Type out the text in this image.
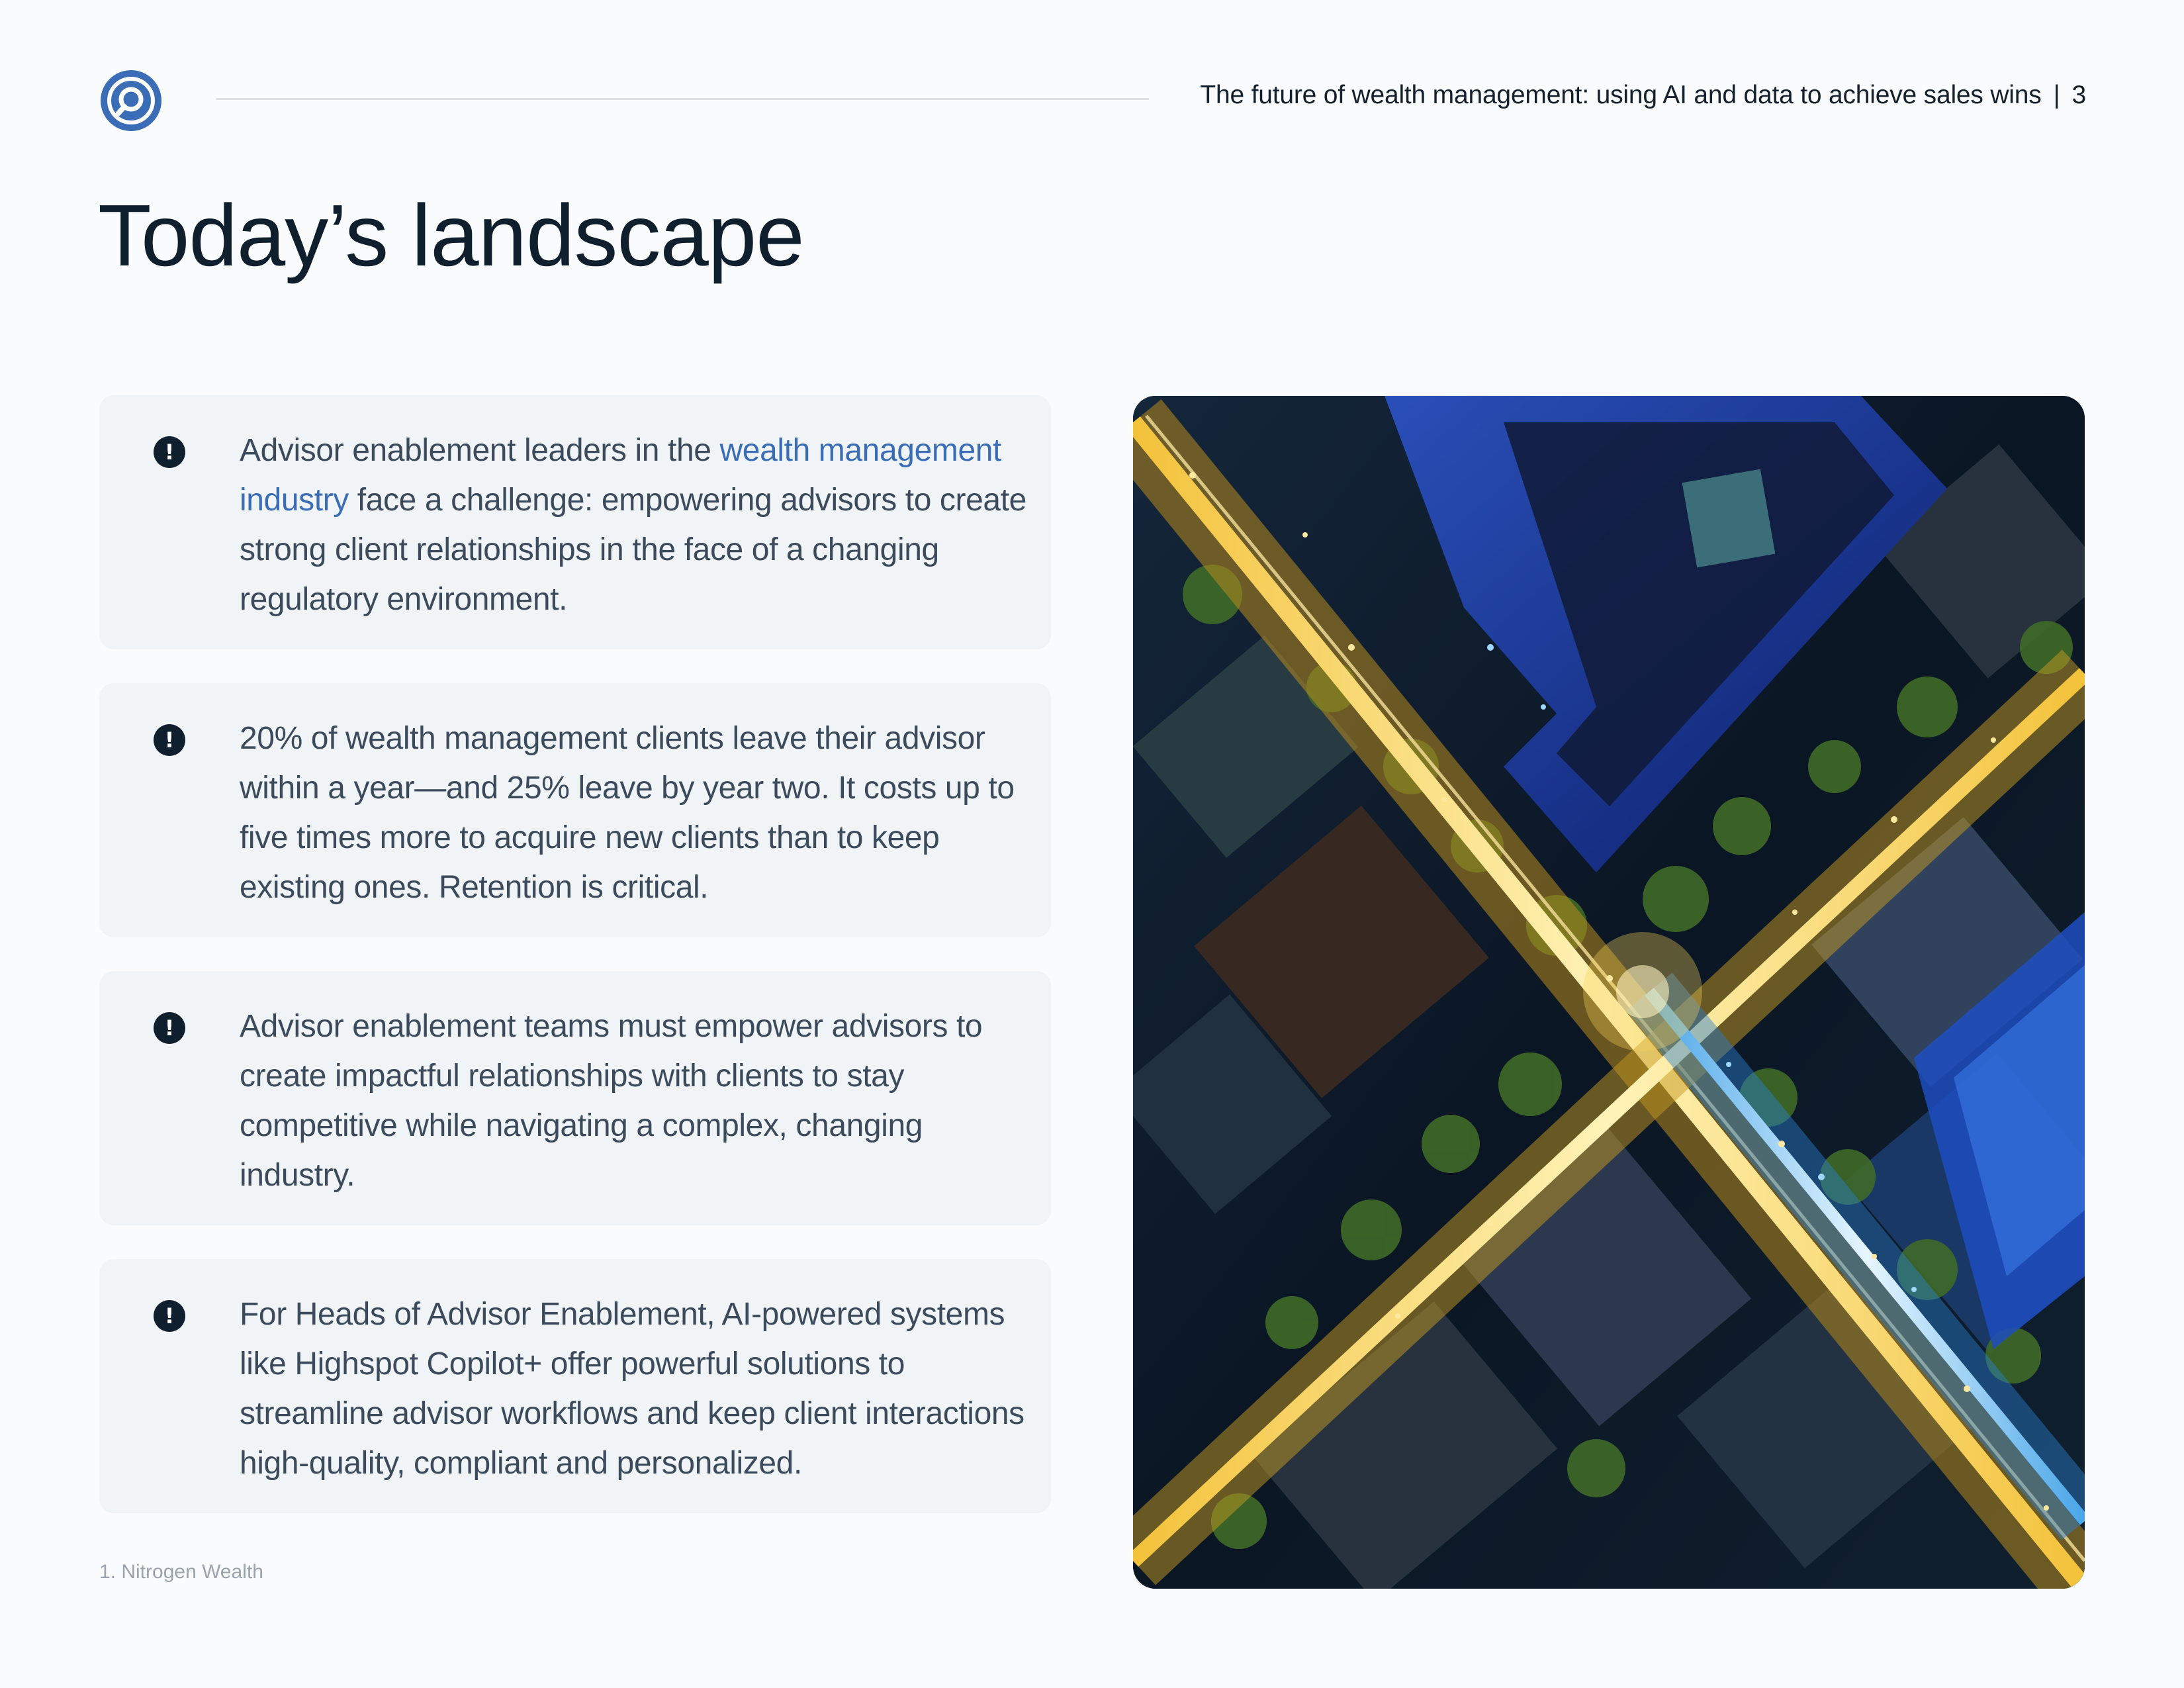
The future of wealth management: using AI and data to achieve sales wins | 3
Today’s landscape
!	Advisor enablement leaders in the wealth management industry face a challenge: empowering advisors to create strong client relationships in the face of a changing regulatory environment.
!	20% of wealth management clients leave their advisor within a year—and 25% leave by year two. It costs up to five times more to acquire new clients than to keep existing ones. Retention is critical.
!	Advisor enablement teams must empower advisors to create impactful relationships with clients to stay competitive while navigating a complex, changing industry.
!	For Heads of Advisor Enablement, AI-powered systems like Highspot Copilot+ offer powerful solutions to streamline advisor workflows and keep client interactions high-quality, compliant and personalized.
1. Nitrogen Wealth
